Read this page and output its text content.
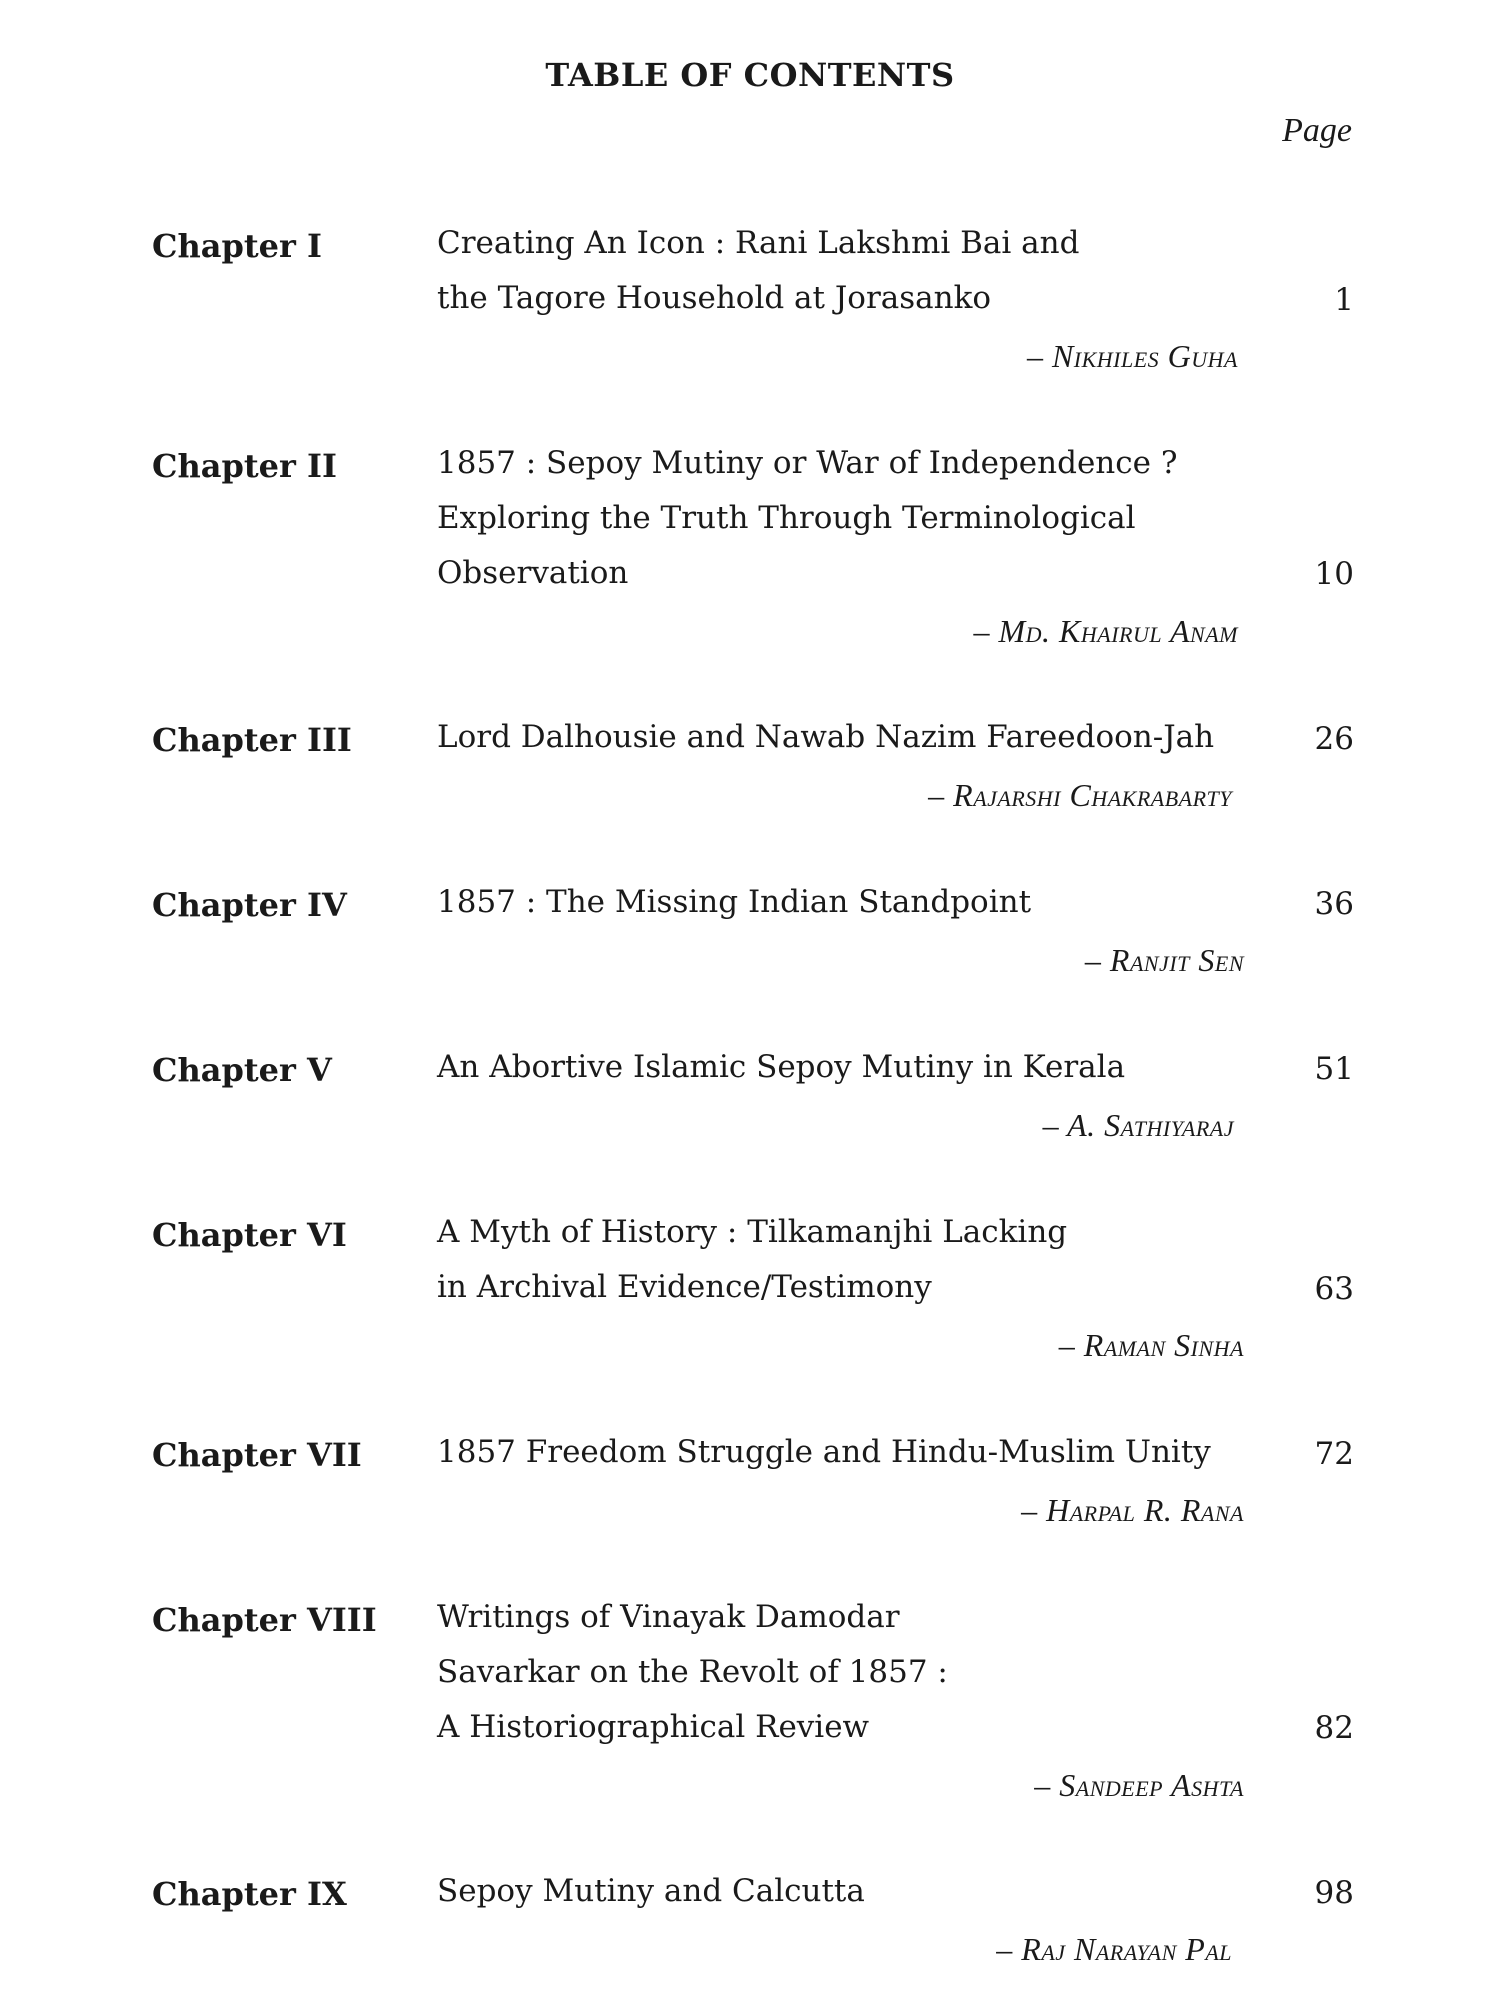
TABLE OF CONTENTS
Page
Chapter I	Creating An Icon : Rani Lakshmi Bai and
the Tagore Household at Jorasanko	1
– Nikhiles Guha
Chapter II	1857 : Sepoy Mutiny or War of Independence ?
Exploring the Truth Through Terminological
Observation	10
– Md. Khairul Anam
Chapter III	Lord Dalhousie and Nawab Nazim Fareedoon-Jah	26
– Rajarshi Chakrabarty
Chapter IV	1857 : The Missing Indian Standpoint	36
– Ranjit Sen
Chapter V	An Abortive Islamic Sepoy Mutiny in Kerala	51
– A. Sathiyaraj
Chapter VI	A Myth of History : Tilkamanjhi Lacking
in Archival Evidence/Testimony	63
– Raman Sinha
Chapter VII 1857 Freedom Struggle and Hindu-Muslim Unity	72
– Harpal R. Rana
Chapter VIII Writings of Vinayak Damodar
Savarkar on the Revolt of 1857 :
A Historiographical Review	82
– Sandeep Ashta
Chapter IX	Sepoy Mutiny and Calcutta	98
– Raj Narayan Pal
